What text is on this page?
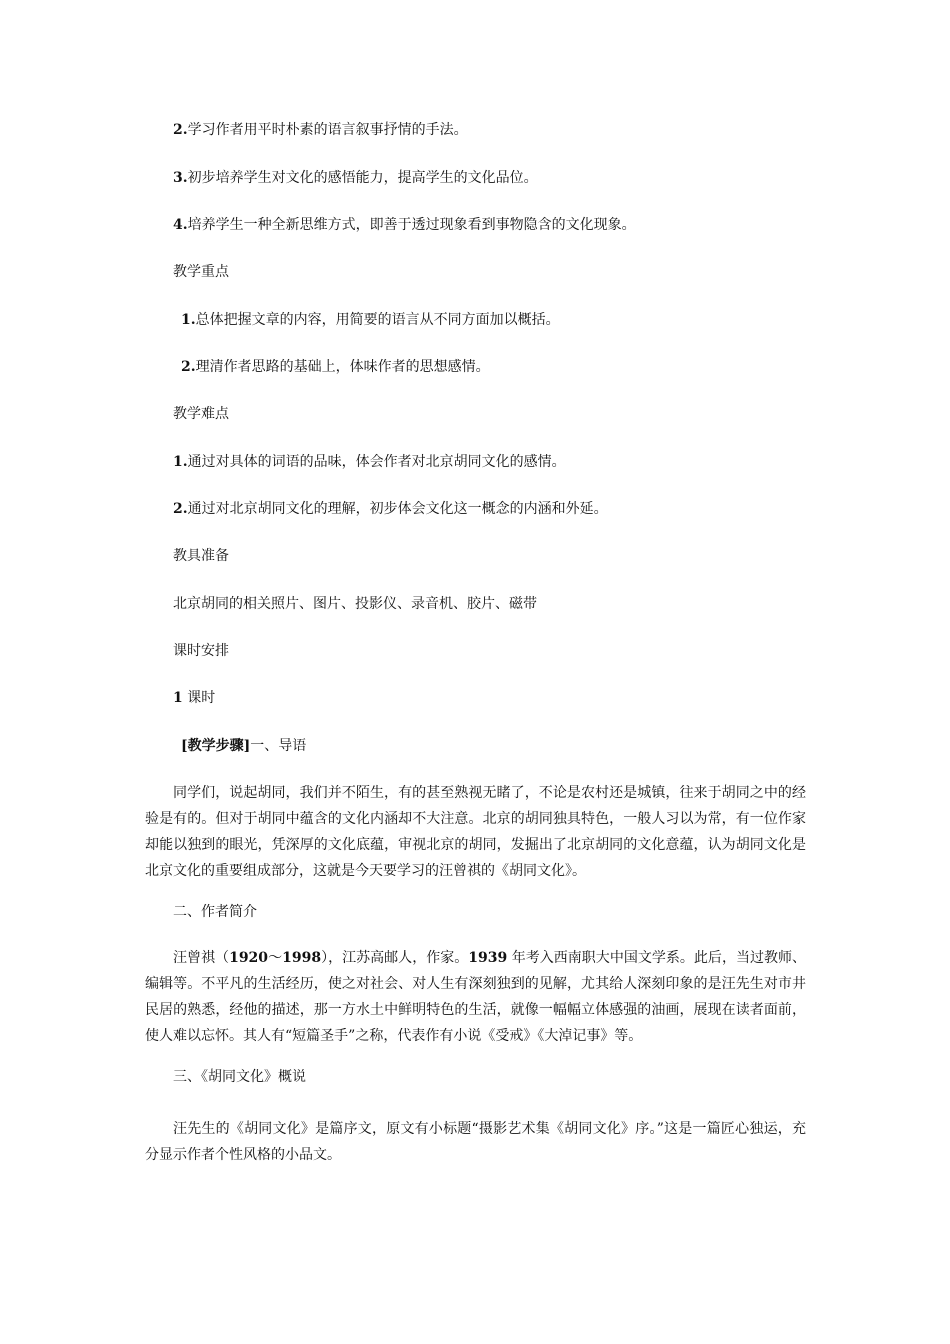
2.学习作者用平时朴素的语言叙事抒情的手法。

3.初步培养学生对文化的感悟能力，提高学生的文化品位。

4.培养学生一种全新思维方式，即善于透过现象看到事物隐含的文化现象。

教学重点

1.总体把握文章的内容，用简要的语言从不同方面加以概括。

2.理清作者思路的基础上，体味作者的思想感情。

教学难点

1.通过对具体的词语的品味，体会作者对北京胡同文化的感情。

2.通过对北京胡同文化的理解，初步体会文化这一概念的内涵和外延。

教具准备

北京胡同的相关照片、图片、投影仪、录音机、胶片、磁带

课时安排

1 课时

[教学步骤]一、导语

同学们，说起胡同，我们并不陌生，有的甚至熟视无睹了，不论是农村还是城镇，往来于胡同之中的经验是有的。但对于胡同中蕴含的文化内涵却不大注意。北京的胡同独具特色，一般人习以为常，有一位作家却能以独到的眼光，凭深厚的文化底蕴，审视北京的胡同，发掘出了北京胡同的文化意蕴，认为胡同文化是北京文化的重要组成部分，这就是今天要学习的汪曾祺的《胡同文化》。

二、作者简介

汪曾祺（1920～1998），江苏高邮人，作家。1939 年考入西南职大中国文学系。此后，当过教师、编辑等。不平凡的生活经历，使之对社会、对人生有深刻独到的见解，尤其给人深刻印象的是汪先生对市井民居的熟悉，经他的描述，那一方水土中鲜明特色的生活，就像一幅幅立体感强的油画，展现在读者面前，使人难以忘怀。其人有“短篇圣手”之称，代表作有小说《受戒》《大淖记事》等。

三、《胡同文化》概说

汪先生的《胡同文化》是篇序文，原文有小标题“摄影艺术集《胡同文化》序。”这是一篇匠心独运，充分显示作者个性风格的小品文。
